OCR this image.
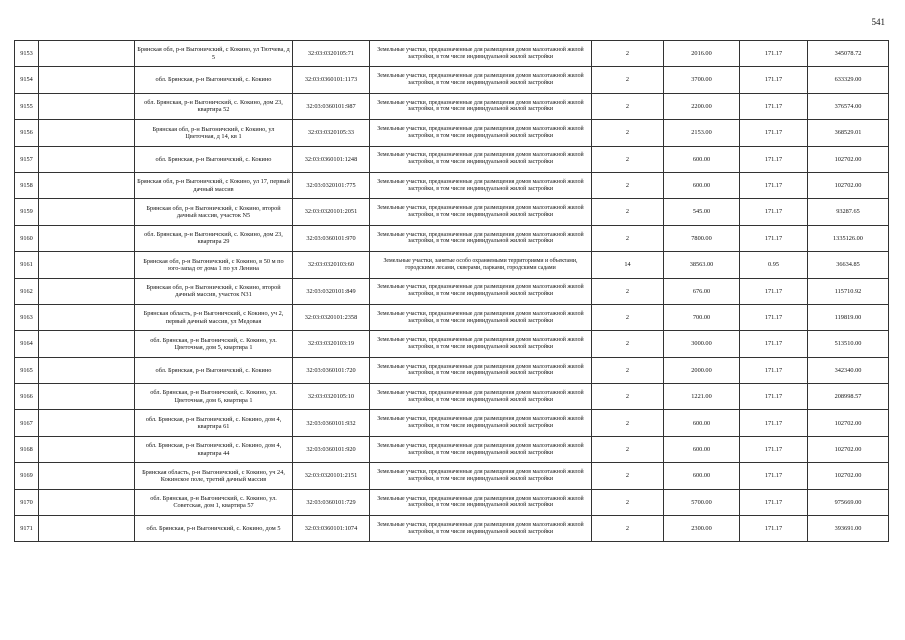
541
9153		Брянская обл, р-н Выгоничский, с Кокино, ул Тютчева, д 5	32:03:0320105:71	Земельные участки, предназначенные для размещения домов малоэтажной жилой застройки, в том числе индивидуальной жилой застройки	2	2016.00	171.17	345078.72
9154		обл. Брянская, р-н Выгоничский, с. Кокино	32:03:0360101:1173	Земельные участки, предназначенные для размещения домов малоэтажной жилой застройки, в том числе индивидуальной жилой застройки	2	3700.00	171.17	633329.00
9155		обл. Брянская, р-н Выгоничский, с. Кокино, дом 23, квартира 52	32:03:0360101:987	Земельные участки, предназначенные для размещения домов малоэтажной жилой застройки, в том числе индивидуальной жилой застройки	2	2200.00	171.17	376574.00
9156		Брянская обл, р-н Выгоничский, с Кокино, ул Цветочная, д 14, кв 1	32:03:0320105:33	Земельные участки, предназначенные для размещения домов малоэтажной жилой застройки, в том числе индивидуальной жилой застройки	2	2153.00	171.17	368529.01
9157		обл. Брянская, р-н Выгоничский, с. Кокино	32:03:0360101:1248	Земельные участки, предназначенные для размещения домов малоэтажной жилой застройки, в том числе индивидуальной жилой застройки	2	600.00	171.17	102702.00
9158		Брянская обл, р-н Выгоничский, с Кокино, ул 17, первый дачный массив	32:03:0320101:775	Земельные участки, предназначенные для размещения домов малоэтажной жилой застройки, в том числе индивидуальной жилой застройки	2	600.00	171.17	102702.00
9159		Брянская обл, р-н Выгоничский, с Кокино, второй дачный массив, участок N5	32:03:0320101:2051	Земельные участки, предназначенные для размещения домов малоэтажной жилой застройки, в том числе индивидуальной жилой застройки	2	545.00	171.17	93287.65
9160		обл. Брянская, р-н Выгоничский, с. Кокино, дом 23, квартира 29	32:03:0360101:970	Земельные участки, предназначенные для размещения домов малоэтажной жилой застройки, в том числе индивидуальной жилой застройки	2	7800.00	171.17	1335126.00
9161		Брянская обл, р-н Выгоничский, с Кокино, в 50 м по юго-запад от дома 1 по ул Ленина	32:03:0320103:60	Земельные участки, занятые особо охраняемыми территориями и объектами, городскими лесами, скверами, парками, городскими садами	14	38563.00	0.95	36634.85
9162		Брянская обл, р-н Выгоничский, с Кокино, второй дачный массив, участок N31	32:03:0320101:849	Земельные участки, предназначенные для размещения домов малоэтажной жилой застройки, в том числе индивидуальной жилой застройки	2	676.00	171.17	115710.92
9163		Брянская область, р-н Выгоничский, с Кокино, уч 2, первый дачный массив, ул Медовая	32:03:0320101:2358	Земельные участки, предназначенные для размещения домов малоэтажной жилой застройки, в том числе индивидуальной жилой застройки	2	700.00	171.17	119819.00
9164		обл. Брянская, р-н Выгоничский, с. Кокино, ул. Цветочная, дом 5, квартира 1	32:03:0320103:19	Земельные участки, предназначенные для размещения домов малоэтажной жилой застройки, в том числе индивидуальной жилой застройки	2	3000.00	171.17	513510.00
9165		обл. Брянская, р-н Выгоничский, с. Кокино	32:03:0360101:720	Земельные участки, предназначенные для размещения домов малоэтажной жилой застройки, в том числе индивидуальной жилой застройки	2	2000.00	171.17	342340.00
9166		обл. Брянская, р-н Выгоничский, с. Кокино, ул. Цветочная, дом 6, квартира 1	32:03:0320105:10	Земельные участки, предназначенные для размещения домов малоэтажной жилой застройки, в том числе индивидуальной жилой застройки	2	1221.00	171.17	208998.57
9167		обл. Брянская, р-н Выгоничский, с. Кокино, дом 4, квартира 61	32:03:0360101:932	Земельные участки, предназначенные для размещения домов малоэтажной жилой застройки, в том числе индивидуальной жилой застройки	2	600.00	171.17	102702.00
9168		обл. Брянская, р-н Выгоничский, с. Кокино, дом 4, квартира 44	32:03:0360101:920	Земельные участки, предназначенные для размещения домов малоэтажной жилой застройки, в том числе индивидуальной жилой застройки	2	600.00	171.17	102702.00
9169		Брянская область, р-н Выгоничский, с Кокино, уч 24, Кокинское поле, третий дачный массив	32:03:0320101:2151	Земельные участки, предназначенные для размещения домов малоэтажной жилой застройки, в том числе индивидуальной жилой застройки	2	600.00	171.17	102702.00
9170		обл. Брянская, р-н Выгоничский, с. Кокино, ул. Советская, дом 1, квартира 57	32:03:0360101:729	Земельные участки, предназначенные для размещения домов малоэтажной жилой застройки, в том числе индивидуальной жилой застройки	2	5700.00	171.17	975669.00
9171		обл. Брянская, р-н Выгоничский, с. Кокино, дом 5	32:03:0360101:1074	Земельные участки, предназначенные для размещения домов малоэтажной жилой застройки, в том числе индивидуальной жилой застройки	2	2300.00	171.17	393691.00
